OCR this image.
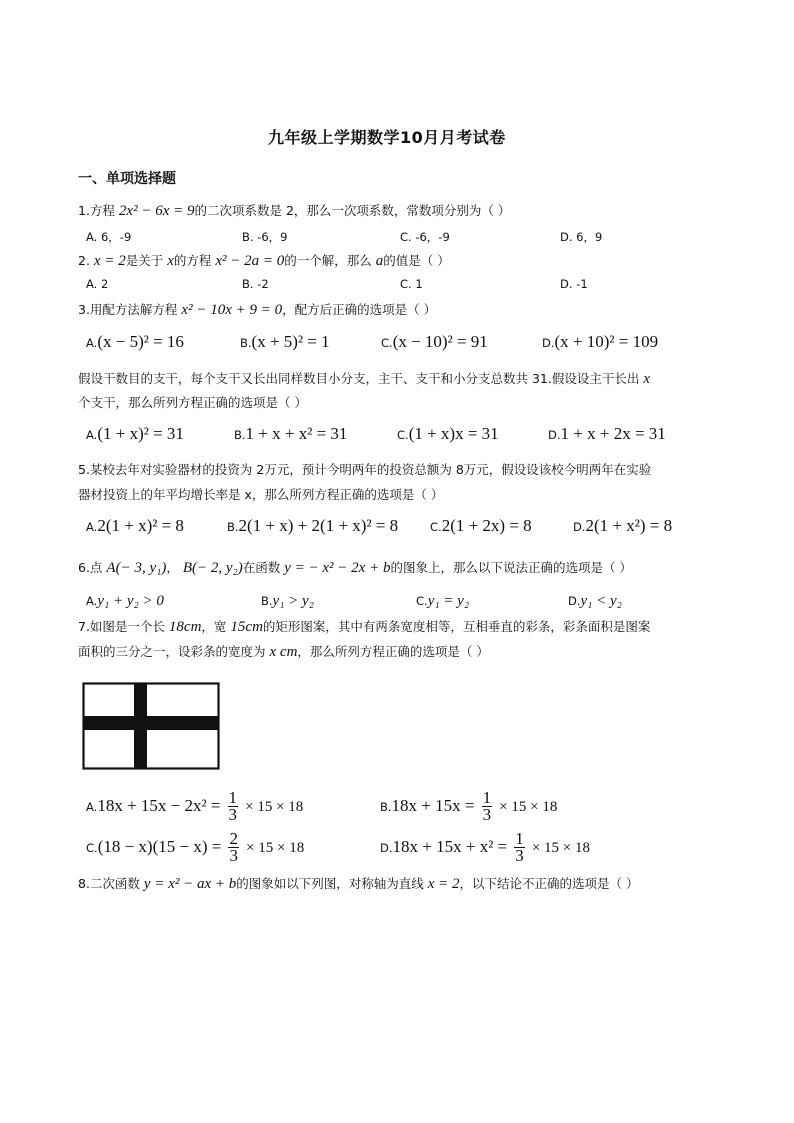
九年级上学期数学10月月考试卷
一、单项选择题
1.方程 2x² − 6x = 9的二次项系数是 2，那么一次项系数，常数项分别为（ ）
A. 6，-9	B. -6，9	C. -6，-9	D. 6，9
2. x = 2是关于 x的方程 x² − 2a = 0的一个解，那么 a的值是（ ）
A. 2	B. -2	C. 1	D. -1
3.用配方法解方程 x² − 10x + 9 = 0，配方后正确的选项是（ ）
A.(x − 5)² = 16	B.(x + 5)² = 1	C.(x − 10)² = 91	D.(x + 10)² = 109
假设干数目的支干，每个支干又长出同样数目小分支，主干、支干和小分支总数共 31.假设设主干长出 x
个支干，那么所列方程正确的选项是（ ）
A.(1 + x)² = 31	B.1 + x + x² = 31	C.(1 + x)x = 31	D.1 + x + 2x = 31
5.某校去年对实验器材的投资为 2万元，预计今明两年的投资总额为 8万元，假设设该校今明两年在实验
器材投资上的年平均增长率是 x，那么所列方程正确的选项是（ ）
A.2(1 + x)² = 8	B.2(1 + x) + 2(1 + x)² = 8	C.2(1 + 2x) = 8	D.2(1 + x²) = 8
6.点 A(− 3, y₁)， B(− 2, y₂)在函数 y = − x² − 2x + b的图象上，那么以下说法正确的选项是（ ）
A.y₁ + y₂ > 0	B.y₁ > y₂	C.y₁ = y₂	D.y₁ < y₂
7.如图是一个长 18cm，宽 15cm的矩形图案，其中有两条宽度相等，互相垂直的彩条，彩条面积是图案
面积的三分之一，设彩条的宽度为 x cm，那么所列方程正确的选项是（ ）
$A.18x + 15x - 2x^2 = \frac{1}{3} \times 15 \times 18$	$B.18x + 15x = \frac{1}{3} \times 15 \times 18$
$C.(18 - x)(15 - x) = \frac{2}{3} \times 15 \times 18$	$D.18x + 15x + x^2 = \frac{1}{3} \times 15 \times 18$
8.二次函数 y = x² − ax + b的图象如以下列图，对称轴为直线 x = 2，以下结论不正确的选项是（ ）
